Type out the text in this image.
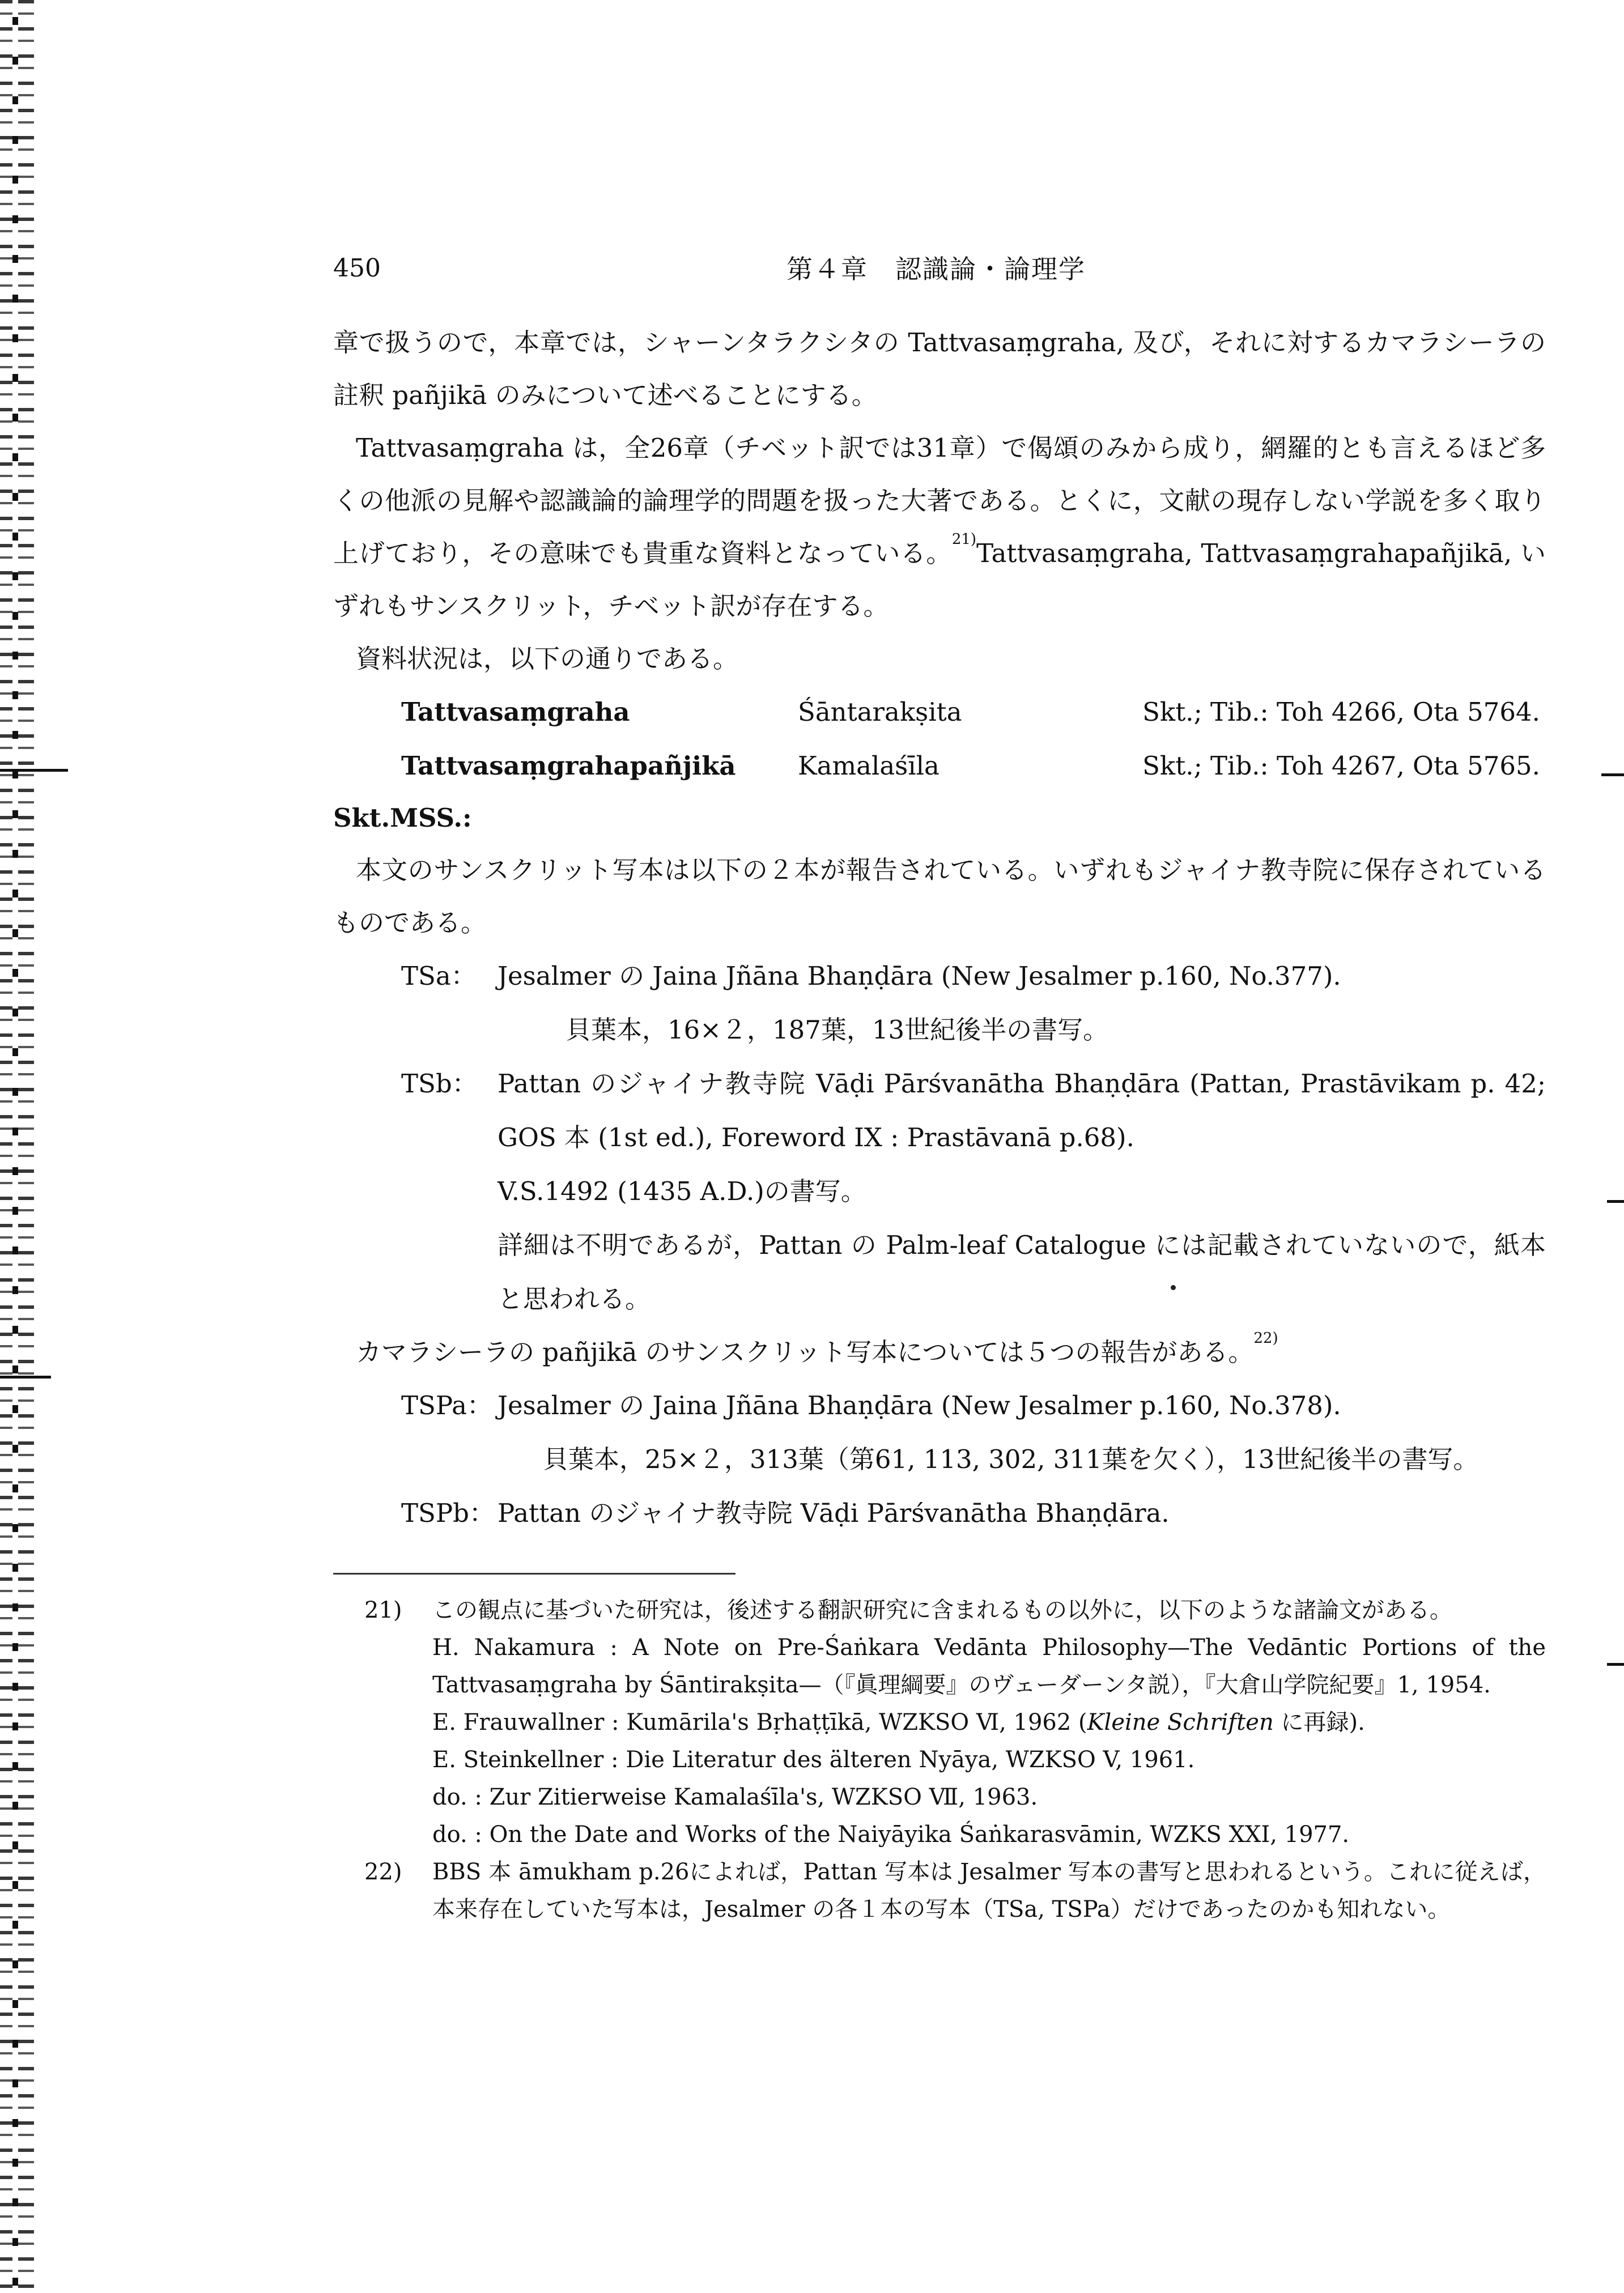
450	第４章　認識論・論理学

章で扱うので，本章では，シャーンタラクシタの Tattvasaṃgraha, 及び，それに対するカマラシーラの註釈 pañjikā のみについて述べることにする。

Tattvasaṃgraha は，全26章（チベット訳では31章）で偈頌のみから成り，網羅的とも言えるほど多くの他派の見解や認識論的論理学的問題を扱った大著である。とくに，文献の現存しない学説を多く取り上げており，その意味でも貴重な資料となっている。$^{21)}$Tattvasaṃgraha, Tattvasaṃgrahapañjikā, いずれもサンスクリット，チベット訳が存在する。

資料状況は，以下の通りである。

Tattvasaṃgraha	Śāntarakṣita	Skt.; Tib.: Toh 4266, Ota 5764.
Tattvasaṃgrahapañjikā	Kamalaśīla	Skt.; Tib.: Toh 4267, Ota 5765.
Skt.MSS.:

本文のサンスクリット写本は以下の２本が報告されている。いずれもジャイナ教寺院に保存されているものである。

TSa： Jesalmer の Jaina Jñāna Bhaṇḍāra (New Jesalmer p.160, No.377).
貝葉本，16×２，187葉，13世紀後半の書写。
TSb： Pattan のジャイナ教寺院 Vāḍi Pārśvanātha Bhaṇḍāra (Pattan, Prastāvikam p. 42; GOS 本 (1st ed.), Foreword IX : Prastāvanā p.68).
V.S.1492 (1435 A.D.)の書写。
詳細は不明であるが，Pattan の Palm-leaf Catalogue には記載されていないので，紙本と思われる。

カマラシーラの pañjikā のサンスクリット写本については５つの報告がある。$^{22)}$

TSPa： Jesalmer の Jaina Jñāna Bhaṇḍāra (New Jesalmer p.160, No.378).
貝葉本，25×２，313葉（第61, 113, 302, 311葉を欠く），13世紀後半の書写。
TSPb： Pattan のジャイナ教寺院 Vāḍi Pārśvanātha Bhaṇḍāra.
21)	この観点に基づいた研究は，後述する翻訳研究に含まれるもの以外に，以下のような諸論文がある。
H. Nakamura : A Note on Pre-Śaṅkara Vedānta Philosophy—The Vedāntic Portions of the Tattvasaṃgraha by Śāntirakṣita—（『眞理綱要』のヴェーダーンタ説），『大倉山学院紀要』1, 1954.
E. Frauwallner : Kumārila's Bṛhaṭṭīkā, WZKSO Ⅵ, 1962 (Kleine Schriften に再録).
E. Steinkellner : Die Literatur des älteren Nyāya, WZKSO V, 1961.
do. : Zur Zitierweise Kamalaśīla's, WZKSO Ⅶ, 1963.
do. : On the Date and Works of the Naiyāyika Śaṅkarasvāmin, WZKS XXI, 1977.
22)	BBS 本 āmukham p.26によれば，Pattan 写本は Jesalmer 写本の書写と思われるという。これに従えば，本来存在していた写本は，Jesalmer の各１本の写本（TSa, TSPa）だけであったのかも知れない。
